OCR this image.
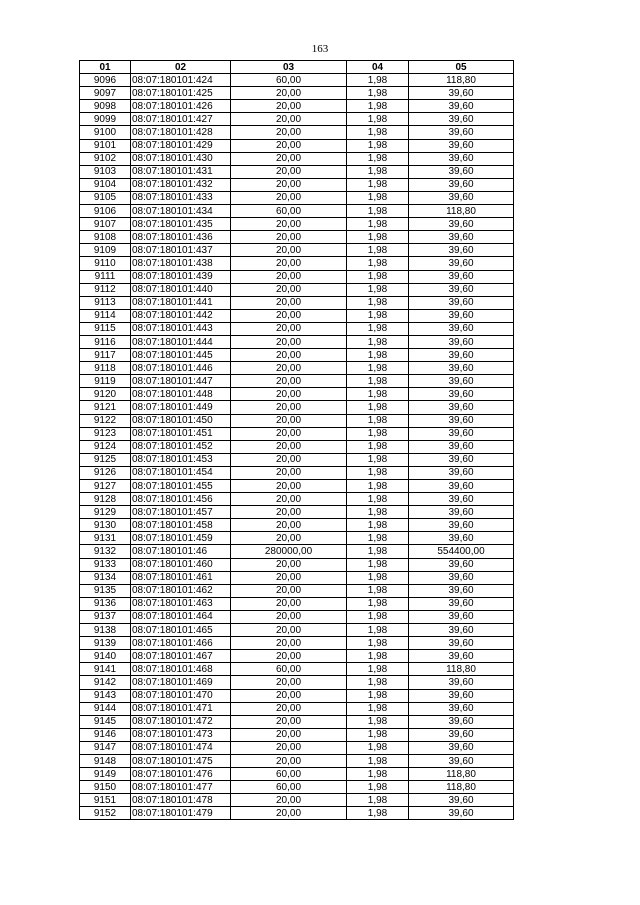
163
01	02	03	04	05
9096	08:07:180101:424	60,00	1,98	118,80
9097	08:07:180101:425	20,00	1,98	39,60
9098	08:07:180101:426	20,00	1,98	39,60
9099	08:07:180101:427	20,00	1,98	39,60
9100	08:07:180101:428	20,00	1,98	39,60
9101	08:07:180101:429	20,00	1,98	39,60
9102	08:07:180101:430	20,00	1,98	39,60
9103	08:07:180101:431	20,00	1,98	39,60
9104	08:07:180101:432	20,00	1,98	39,60
9105	08:07:180101:433	20,00	1,98	39,60
9106	08:07:180101:434	60,00	1,98	118,80
9107	08:07:180101:435	20,00	1,98	39,60
9108	08:07:180101:436	20,00	1,98	39,60
9109	08:07:180101:437	20,00	1,98	39,60
9110	08:07:180101:438	20,00	1,98	39,60
9111	08:07:180101:439	20,00	1,98	39,60
9112	08:07:180101:440	20,00	1,98	39,60
9113	08:07:180101:441	20,00	1,98	39,60
9114	08:07:180101:442	20,00	1,98	39,60
9115	08:07:180101:443	20,00	1,98	39,60
9116	08:07:180101:444	20,00	1,98	39,60
9117	08:07:180101:445	20,00	1,98	39,60
9118	08:07:180101:446	20,00	1,98	39,60
9119	08:07:180101:447	20,00	1,98	39,60
9120	08:07:180101:448	20,00	1,98	39,60
9121	08:07:180101:449	20,00	1,98	39,60
9122	08:07:180101:450	20,00	1,98	39,60
9123	08:07:180101:451	20,00	1,98	39,60
9124	08:07:180101:452	20,00	1,98	39,60
9125	08:07:180101:453	20,00	1,98	39,60
9126	08:07:180101:454	20,00	1,98	39,60
9127	08:07:180101:455	20,00	1,98	39,60
9128	08:07:180101:456	20,00	1,98	39,60
9129	08:07:180101:457	20,00	1,98	39,60
9130	08:07:180101:458	20,00	1,98	39,60
9131	08:07:180101:459	20,00	1,98	39,60
9132	08:07:180101:46	280000,00	1,98	554400,00
9133	08:07:180101:460	20,00	1,98	39,60
9134	08:07:180101:461	20,00	1,98	39,60
9135	08:07:180101:462	20,00	1,98	39,60
9136	08:07:180101:463	20,00	1,98	39,60
9137	08:07:180101:464	20,00	1,98	39,60
9138	08:07:180101:465	20,00	1,98	39,60
9139	08:07:180101:466	20,00	1,98	39,60
9140	08:07:180101:467	20,00	1,98	39,60
9141	08:07:180101:468	60,00	1,98	118,80
9142	08:07:180101:469	20,00	1,98	39,60
9143	08:07:180101:470	20,00	1,98	39,60
9144	08:07:180101:471	20,00	1,98	39,60
9145	08:07:180101:472	20,00	1,98	39,60
9146	08:07:180101:473	20,00	1,98	39,60
9147	08:07:180101:474	20,00	1,98	39,60
9148	08:07:180101:475	20,00	1,98	39,60
9149	08:07:180101:476	60,00	1,98	118,80
9150	08:07:180101:477	60,00	1,98	118,80
9151	08:07:180101:478	20,00	1,98	39,60
9152	08:07:180101:479	20,00	1,98	39,60
